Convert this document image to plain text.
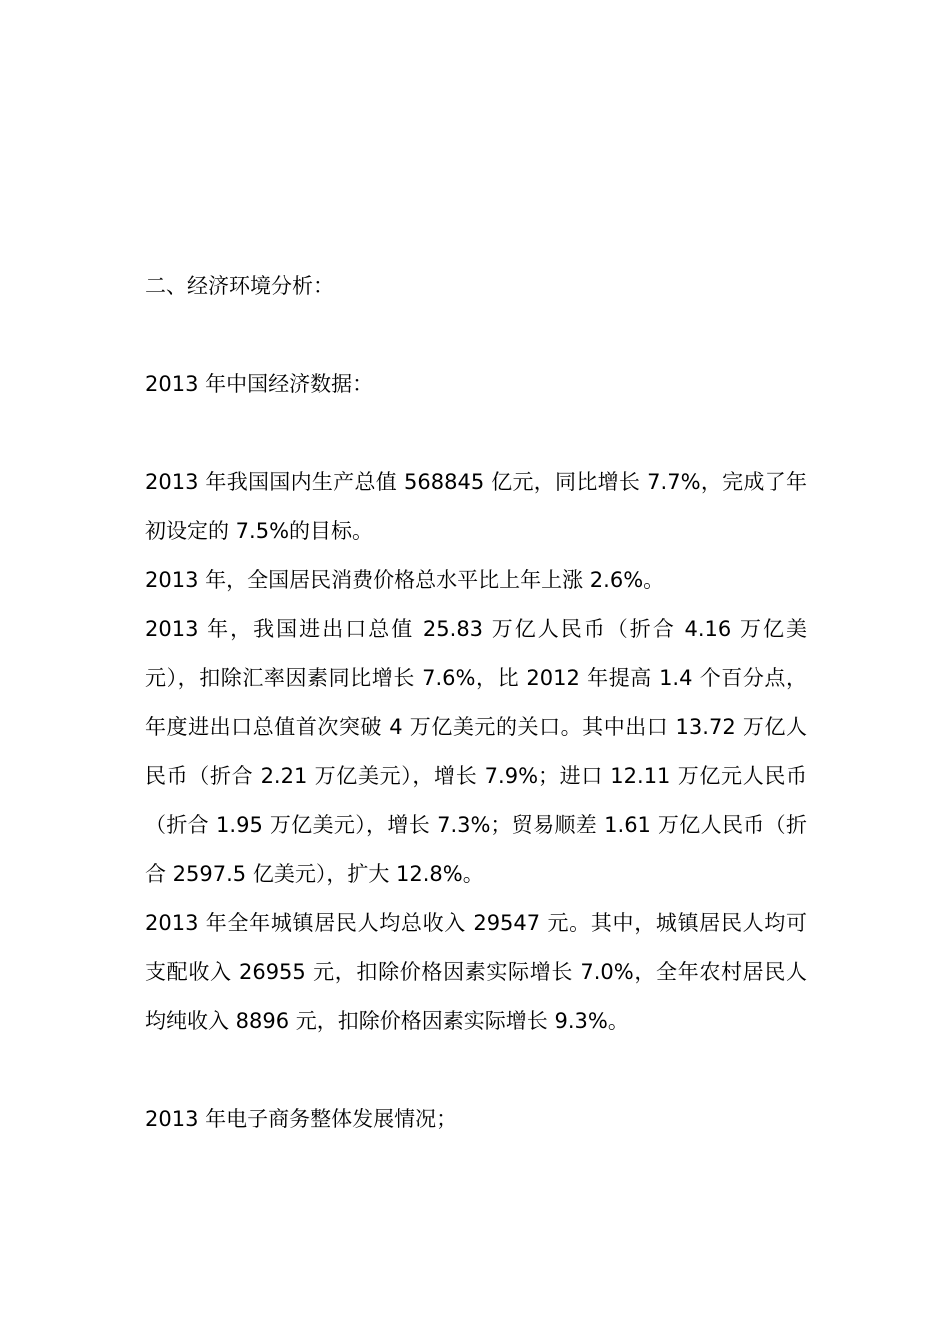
二、经济环境分析：

2013 年中国经济数据：

2013 年我国国内生产总值 568845 亿元，同比增长 7.7%，完成了年初设定的 7.5%的目标。

2013 年，全国居民消费价格总水平比上年上涨 2.6%。

2013 年，我国进出口总值 25.83 万亿人民币（折合 4.16 万亿美元），扣除汇率因素同比增长 7.6%，比 2012 年提高 1.4 个百分点，年度进出口总值首次突破 4 万亿美元的关口。其中出口 13.72 万亿人民币（折合 2.21 万亿美元），增长 7.9%；进口 12.11 万亿元人民币（折合 1.95 万亿美元），增长 7.3%；贸易顺差 1.61 万亿人民币（折合 2597.5 亿美元），扩大 12.8%。

2013 年全年城镇居民人均总收入 29547 元。其中，城镇居民人均可支配收入 26955 元，扣除价格因素实际增长 7.0%，全年农村居民人均纯收入 8896 元，扣除价格因素实际增长 9.3%。

2013 年电子商务整体发展情况；
